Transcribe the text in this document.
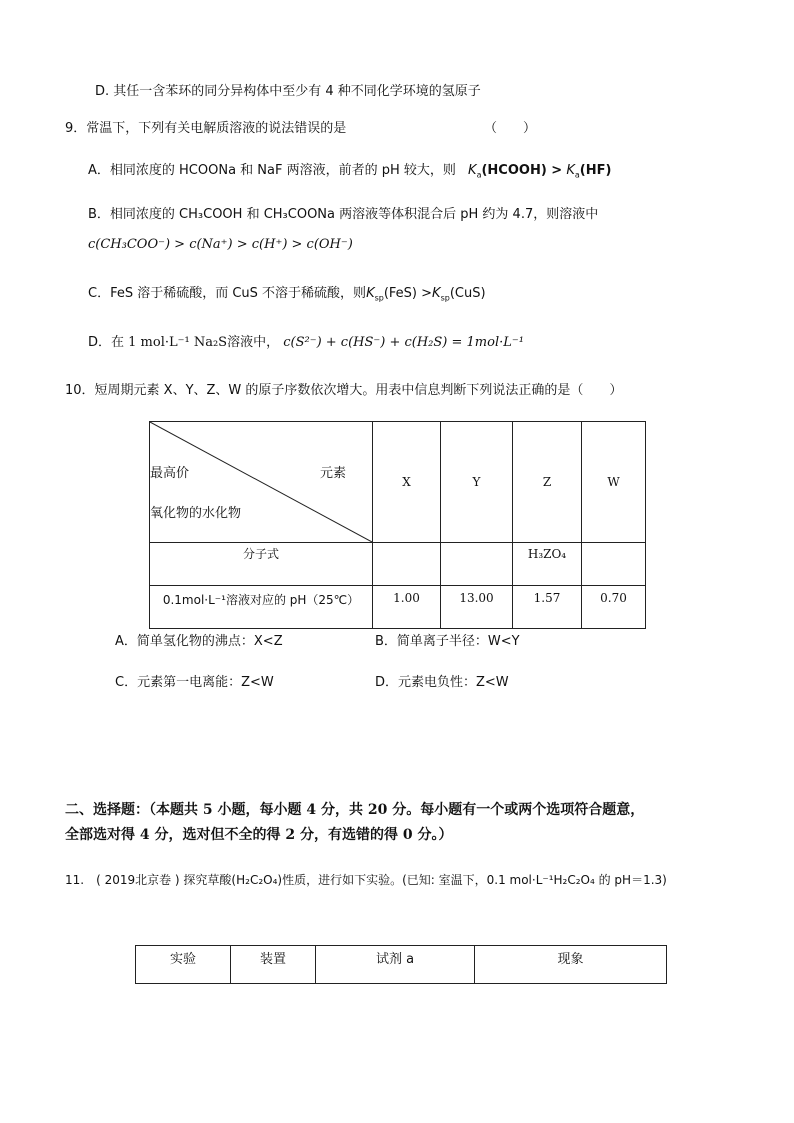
D. 其任一含苯环的同分异构体中至少有 4 种不同化学环境的氢原子
9．常温下，下列有关电解质溶液的说法错误的是	（　　）
A．相同浓度的 HCOONa 和 NaF 两溶液，前者的 pH 较大，则 $K_a(HCOOH) > K_a(HF)$
B．相同浓度的 CH₃COOH 和 CH₃COONa 两溶液等体积混合后 pH 约为 4.7，则溶液中
c(CH₃COO⁻) > c(Na⁺) > c(H⁺) > c(OH⁻)
C．FeS 溶于稀硫酸，而 CuS 不溶于稀硫酸，则$K_{sp}(FeS) >K_{sp}(CuS)$
D．在 1 mol·L⁻¹ Na₂S溶液中， c(S²⁻) + c(HS⁻) + c(H₂S) = 1mol·L⁻¹
10．短周期元素 X、Y、Z、W 的原子序数依次增大。用表中信息判断下列说法正确的是（　　）
元素
最高价
氧化物的水化物	X	Y	Z	W
分子式			H₃ZO₄	
0.1mol·L⁻¹溶液对应的 pH（25℃）	1.00	13.00	1.57	0.70
A．简单氢化物的沸点：X<Z	B．简单离子半径：W<Y
C．元素第一电离能：Z<W	D．元素电负性：Z<W
二、选择题：（本题共 5 小题，每小题 4 分，共 20 分。每小题有一个或两个选项符合题意，
全部选对得 4 分，选对但不全的得 2 分，有选错的得 0 分。）
11.　( 2019北京卷 ) 探究草酸(H₂C₂O₄)性质，进行如下实验。(已知: 室温下，0.1 mol·L⁻¹H₂C₂O₄ 的 pH＝1.3)
实验	装置	试剂 a	现象
